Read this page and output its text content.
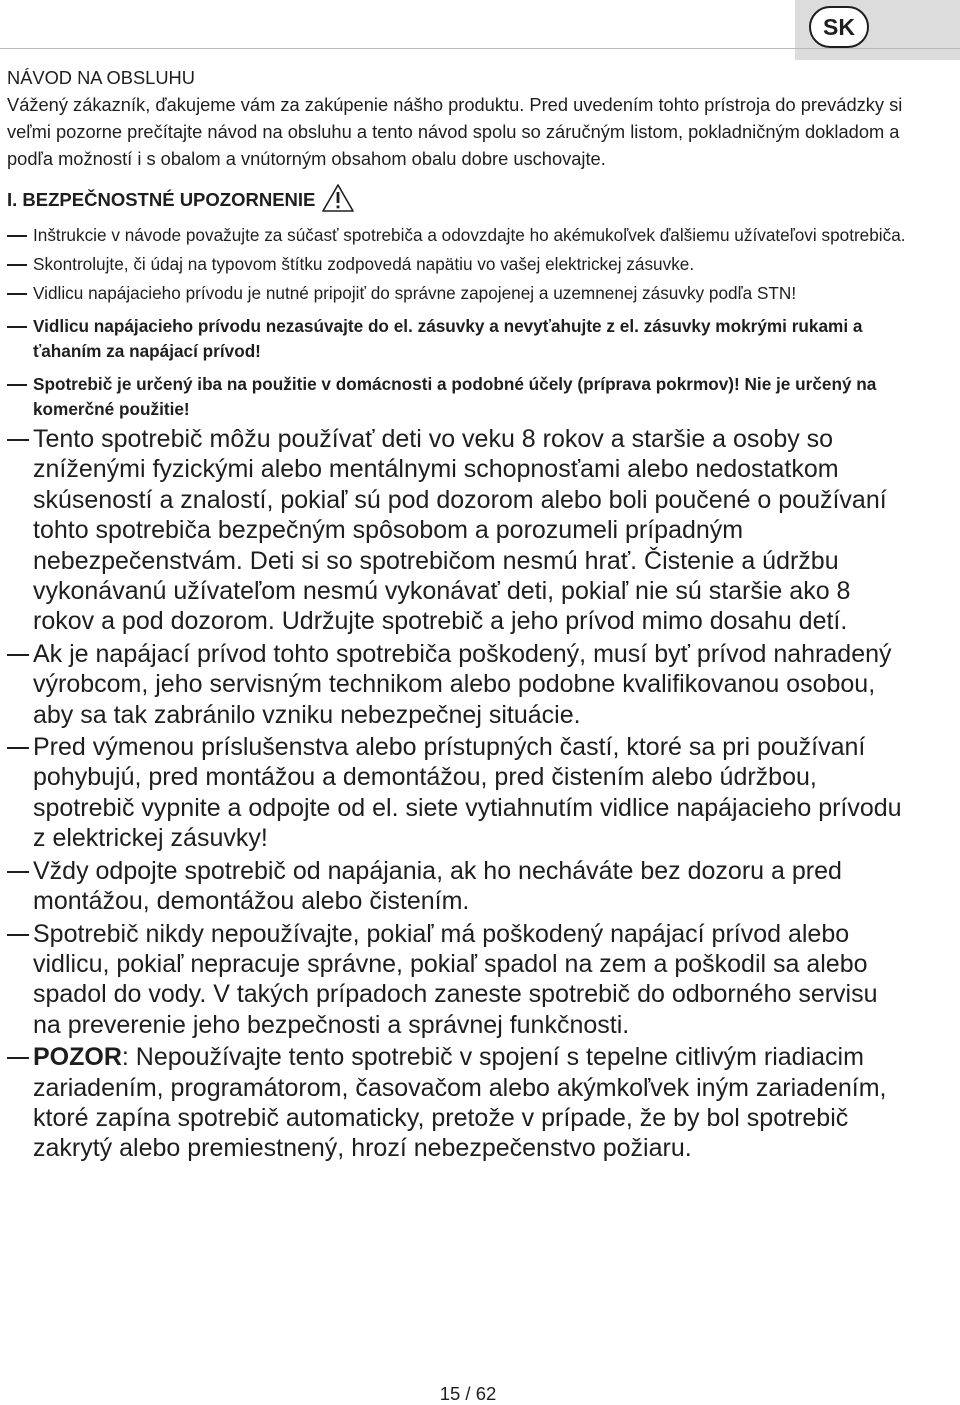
SK
NÁVOD NA OBSLUHU
Vážený zákazník, ďakujeme vám za zakúpenie nášho produktu. Pred uvedením tohto prístroja do prevádzky si veľmi pozorne prečítajte návod na obsluhu a tento návod spolu so záručným listom, pokladničným dokladom a podľa možností i s obalom a vnútorným obsahom obalu dobre uschovajte.
I. BEZPEČNOSTNÉ UPOZORNENIE
Inštrukcie v návode považujte za súčasť spotrebiča a odovzdajte ho akémukoľvek ďalšiemu užívateľovi spotrebiča.
Skontrolujte, či údaj na typovom štítku zodpovedá napätiu vo vašej elektrickej zásuvke.
Vidlicu napájacieho prívodu je nutné pripojiť do správne zapojenej a uzemnenej zásuvky podľa STN!
Vidlicu napájacieho prívodu nezasúvajte do el. zásuvky a nevyťahujte z el. zásuvky mokrými rukami a ťahaním za napájací prívod!
Spotrebič je určený iba na použitie v domácnosti a podobné účely (príprava pokrmov)! Nie je určený na komerčné použitie!
Tento spotrebič môžu používať deti vo veku 8 rokov a staršie a osoby so zníženými fyzickými alebo mentálnymi schopnosťami alebo nedostatkom skúseností a znalostí, pokiaľ sú pod dozorom alebo boli poučené o používaní tohto spotrebiča bezpečným spôsobom a porozumeli prípadným nebezpečenstvám. Deti si so spotrebičom nesmú hrať. Čistenie a údržbu vykonávanú užívateľom nesmú vykonávať deti, pokiaľ nie sú staršie ako 8 rokov a pod dozorom. Udržujte spotrebič a jeho prívod mimo dosahu detí.
Ak je napájací prívod tohto spotrebiča poškodený, musí byť prívod nahradený výrobcom, jeho servisným technikom alebo podobne kvalifikovanou osobou, aby sa tak zabránilo vzniku nebezpečnej situácie.
Pred výmenou príslušenstva alebo prístupných častí, ktoré sa pri používaní pohybujú, pred montážou a demontážou, pred čistením alebo údržbou, spotrebič vypnite a odpojte od el. siete vytiahnutím vidlice napájacieho prívodu z elektrickej zásuvky!
Vždy odpojte spotrebič od napájania, ak ho necháváte bez dozoru a pred montážou, demontážou alebo čistením.
Spotrebič nikdy nepoužívajte, pokiaľ má poškodený napájací prívod alebo vidlicu, pokiaľ nepracuje správne, pokiaľ spadol na zem a poškodil sa alebo spadol do vody. V takých prípadoch zaneste spotrebič do odborného servisu na preverenie jeho bezpečnosti a správnej funkčnosti.
POZOR: Nepoužívajte tento spotrebič v spojení s tepelne citlivým riadiacim zariadením, programátorom, časovačom alebo akýmkoľvek iným zariadením, ktoré zapína spotrebič automaticky, pretože v prípade, že by bol spotrebič zakrytý alebo premiestnený, hrozí nebezpečenstvo požiaru.
15 / 62
